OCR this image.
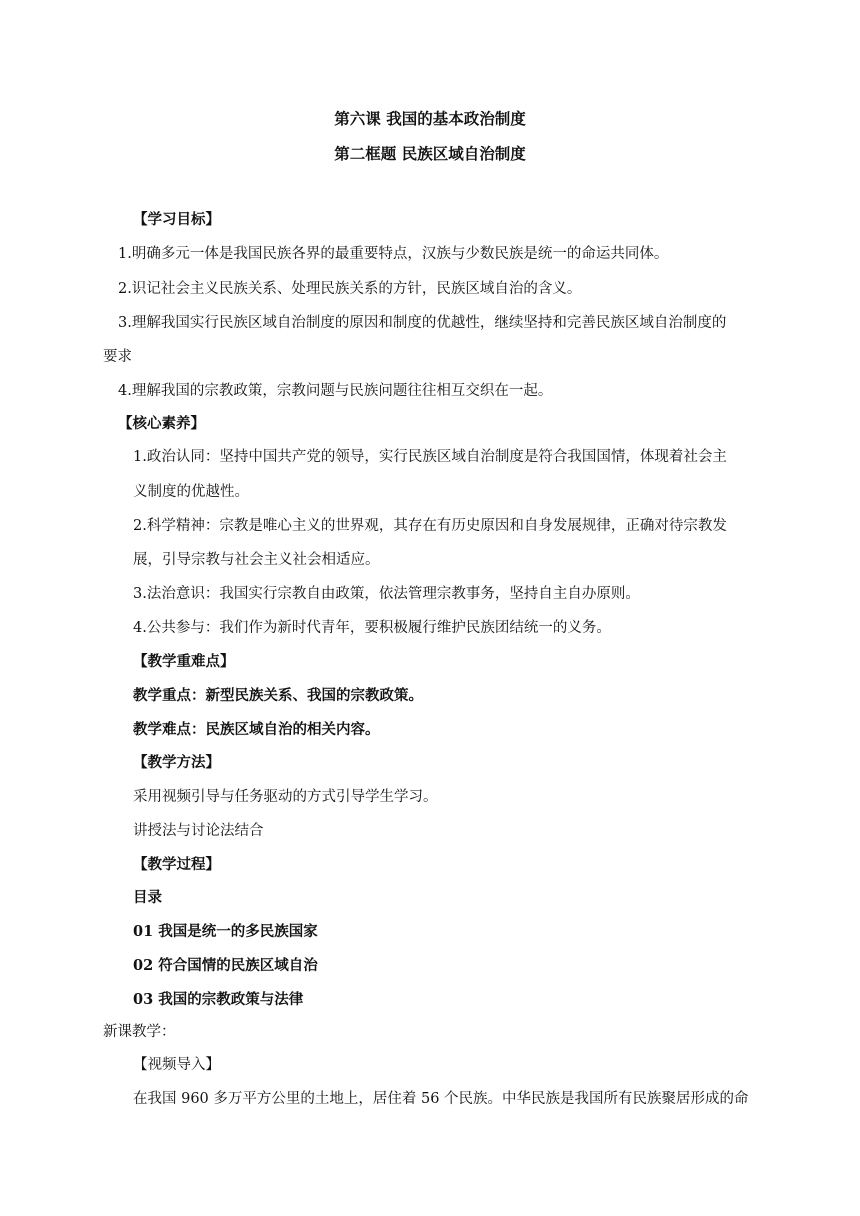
第六课 我国的基本政治制度
第二框题 民族区域自治制度
【学习目标】
1.明确多元一体是我国民族各界的最重要特点，汉族与少数民族是统一的命运共同体。
2.识记社会主义民族关系、处理民族关系的方针，民族区域自治的含义。
3.理解我国实行民族区域自治制度的原因和制度的优越性，继续坚持和完善民族区域自治制度的
要求
4.理解我国的宗教政策，宗教问题与民族问题往往相互交织在一起。
【核心素养】
1.政治认同：坚持中国共产党的领导，实行民族区域自治制度是符合我国国情，体现着社会主
义制度的优越性。
2.科学精神：宗教是唯心主义的世界观，其存在有历史原因和自身发展规律，正确对待宗教发
展，引导宗教与社会主义社会相适应。
3.法治意识：我国实行宗教自由政策，依法管理宗教事务，坚持自主自办原则。
4.公共参与：我们作为新时代青年，要积极履行维护民族团结统一的义务。
【教学重难点】
教学重点：新型民族关系、我国的宗教政策。
教学难点：民族区域自治的相关内容。
【教学方法】
采用视频引导与任务驱动的方式引导学生学习。
讲授法与讨论法结合
【教学过程】
目录
01 我国是统一的多民族国家
02 符合国情的民族区域自治
03 我国的宗教政策与法律
新课教学：
【视频导入】
在我国 960 多万平方公里的土地上，居住着 56 个民族。中华民族是我国所有民族聚居形成的命
